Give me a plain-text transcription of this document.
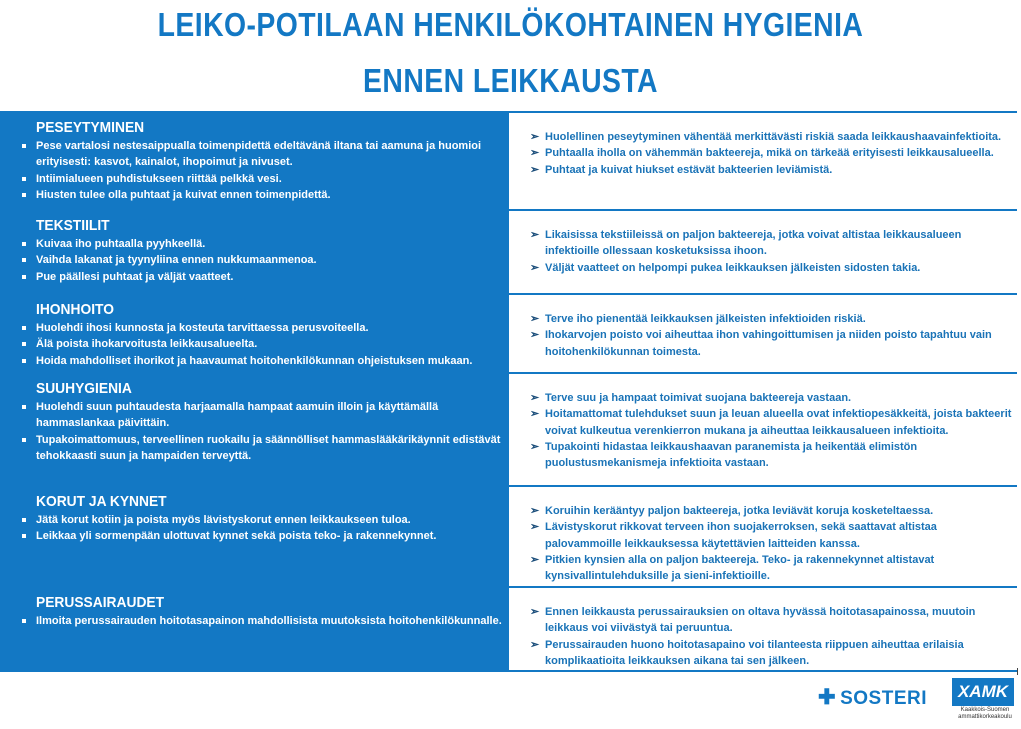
LEIKO-POTILAAN HENKILÖKOHTAINEN HYGIENIA
ENNEN LEIKKAUSTA
PESEYTYMINEN
Pese vartalosi nestesaippualla toimenpidettä edeltävänä iltana tai aamuna ja huomioi erityisesti: kasvot, kainalot, ihopoimut ja nivuset.
Intiimialueen puhdistukseen riittää pelkkä vesi.
Hiusten tulee olla puhtaat ja kuivat ennen toimenpidettä.
➢ Huolellinen peseytyminen vähentää merkittävästi riskiä saada leikkaushaavainfektioita.
➢ Puhtaalla iholla on vähemmän bakteereja, mikä on tärkeää erityisesti leikkausalueella.
➢ Puhtaat ja kuivat hiukset estävät bakteerien leviämistä.
TEKSTIILIT
Kuivaa iho puhtaalla pyyhkeellä.
Vaihda lakanat ja tyynyliina ennen nukkumaanmenoa.
Pue päällesi puhtaat ja väljät vaatteet.
➢ Likaisissa tekstiileissä on paljon bakteereja, jotka voivat altistaa leikkausalueen infektioille ollessaan kosketuksissa ihoon.
➢ Väljät vaatteet on helpompi pukea leikkauksen jälkeisten sidosten takia.
IHONHOITO
Huolehdi ihosi kunnosta ja kosteuta tarvittaessa perusvoiteella.
Älä poista ihokarvoitusta leikkausalueelta.
Hoida mahdolliset ihorikot ja haavaumat hoitohenkilökunnan ohjeistuksen mukaan.
➢ Terve iho pienentää leikkauksen jälkeisten infektioiden riskiä.
➢ Ihokarvojen poisto voi aiheuttaa ihon vahingoittumisen ja niiden poisto tapahtuu vain hoitohenkilökunnan toimesta.
SUUHYGIENIA
Huolehdi suun puhtaudesta harjaamalla hampaat aamuin illoin ja käyttämällä hammaslankaa päivittäin.
Tupakoimattomuus, terveellinen ruokailu ja säännölliset hammaslääkärikäynnit edistävät tehokkaasti suun ja hampaiden terveyttä.
➢ Terve suu ja hampaat toimivat suojana bakteereja vastaan.
➢ Hoitamattomat tulehdukset suun ja leuan alueella ovat infektiopesäkkeitä, joista bakteerit voivat kulkeutua verenkierron mukana ja aiheuttaa leikkausalueen infektioita.
➢ Tupakointi hidastaa leikkaushaavan paranemista ja heikentää elimistön puolustusmekanismeja infektioita vastaan.
KORUT JA KYNNET
Jätä korut kotiin ja poista myös lävistyskorut ennen leikkaukseen tuloa.
Leikkaa yli sormenpään ulottuvat kynnet sekä poista teko- ja rakennekynnet.
➢ Koruihin kerääntyy paljon bakteereja, jotka leviävät koruja kosketeltaessa.
➢ Lävistyskorut rikkovat terveen ihon suojakerroksen, sekä saattavat altistaa palovammoille leikkauksessa käytettävien laitteiden kanssa.
➢ Pitkien kynsien alla on paljon bakteereja. Teko- ja rakennekynnet altistavat kynsivallintulehduksille ja sieni-infektioille.
PERUSSAIRAUDET
Ilmoita perussairauden hoitotasapainon mahdollisista muutoksista hoitohenkilökunnalle.
➢ Ennen leikkausta perussairauksien on oltava hyvässä hoitotasapainossa, muutoin leikkaus voi viivästyä tai peruuntua.
➢ Perussairauden huono hoitotasapaino voi tilanteesta riippuen aiheuttaa erilaisia komplikaatioita leikkauksen aikana tai sen jälkeen.
✚ SOSTERI	XAMK
Kaakkois-Suomen ammattikorkeakoulu
